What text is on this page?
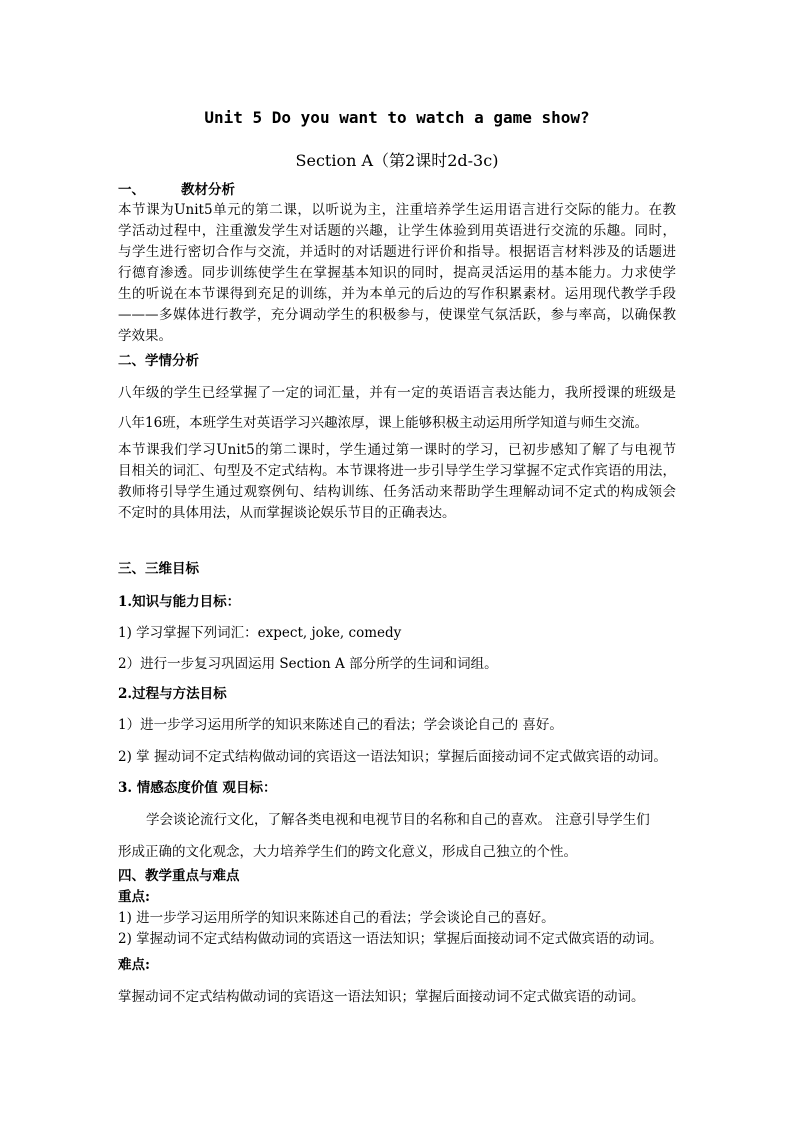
Unit 5 Do you want to watch a game show?
Section A（第2课时2d-3c)
一、	教材分析
本节课为Unit5单元的第二课，以听说为主，注重培养学生运用语言进行交际的能力。在教
学活动过程中，注重激发学生对话题的兴趣，让学生体验到用英语进行交流的乐趣。同时，
与学生进行密切合作与交流，并适时的对话题进行评价和指导。根据语言材料涉及的话题进
行德育渗透。同步训练使学生在掌握基本知识的同时，提高灵活运用的基本能力。力求使学
生的听说在本节课得到充足的训练，并为本单元的后边的写作积累素材。运用现代教学手段
———多媒体进行教学，充分调动学生的积极参与，使课堂气氛活跃，参与率高，以确保教
学效果。
二、学情分析
八年级的学生已经掌握了一定的词汇量，并有一定的英语语言表达能力，我所授课的班级是
八年16班，本班学生对英语学习兴趣浓厚，课上能够积极主动运用所学知道与师生交流。
本节课我们学习Unit5的第二课时，学生通过第一课时的学习，已初步感知了解了与电视节
目相关的词汇、句型及不定式结构。本节课将进一步引导学生学习掌握不定式作宾语的用法，
教师将引导学生通过观察例句、结构训练、任务活动来帮助学生理解动词不定式的构成领会
不定时的具体用法，从而掌握谈论娱乐节目的正确表达。
三、三维目标
1.知识与能力目标：
1) 学习掌握下列词汇：expect, joke, comedy
2）进行一步复习巩固运用 Section A 部分所学的生词和词组。
2.过程与方法目标
1）进一步学习运用所学的知识来陈述自己的看法；学会谈论自己的 喜好。
2) 掌 握动词不定式结构做动词的宾语这一语法知识；掌握后面接动词不定式做宾语的动词。
3. 情感态度价值 观目标：
学会谈论流行文化，了解各类电视和电视节目的名称和自己的喜欢。 注意引导学生们
形成正确的文化观念，大力培养学生们的跨文化意义，形成自己独立的个性。
四、教学重点与难点
重点:
1) 进一步学习运用所学的知识来陈述自己的看法；学会谈论自己的喜好。
2) 掌握动词不定式结构做动词的宾语这一语法知识；掌握后面接动词不定式做宾语的动词。
难点:
掌握动词不定式结构做动词的宾语这一语法知识；掌握后面接动词不定式做宾语的动词。
